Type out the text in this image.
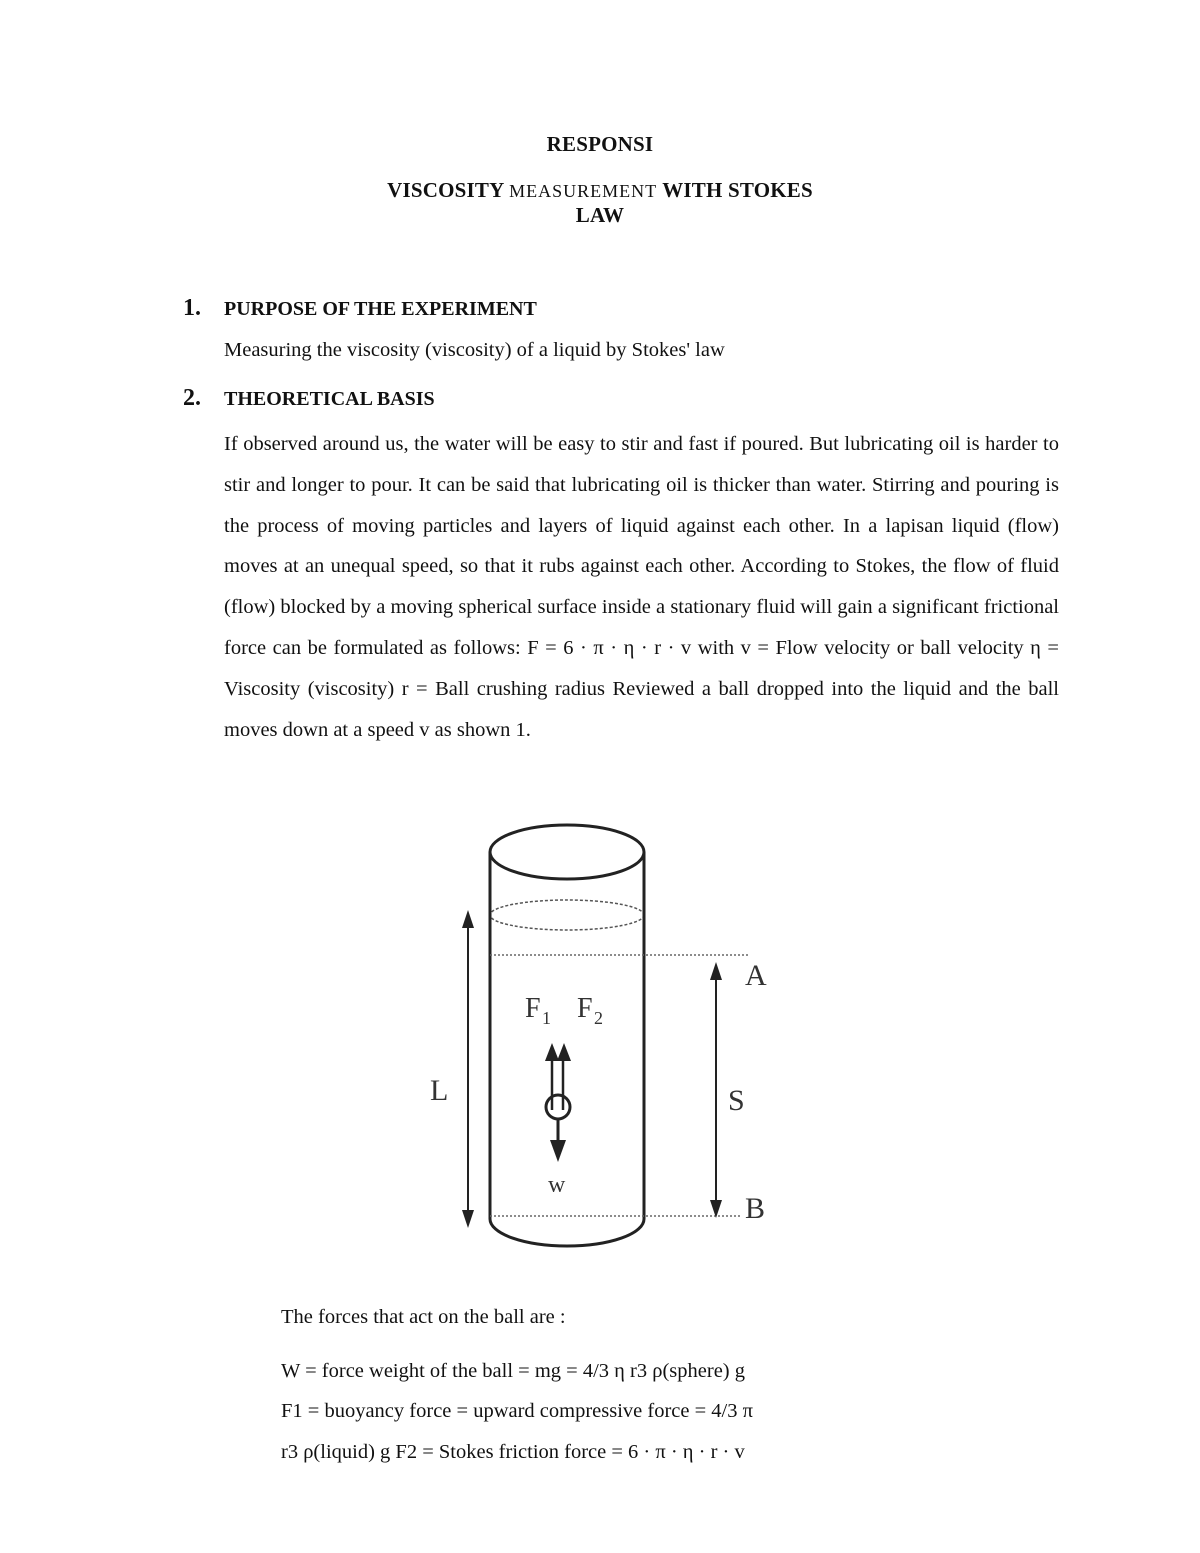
RESPONSI
VISCOSITY MEASUREMENT WITH STOKES
LAW
1. PURPOSE OF THE EXPERIMENT
Measuring the viscosity (viscosity) of a liquid by Stokes' law
2. THEORETICAL BASIS
If observed around us, the water will be easy to stir and fast if poured. But lubricating oil is harder to stir and longer to pour. It can be said that lubricating oil is thicker than water. Stirring and pouring is the process of moving particles and layers of liquid against each other. In a lapisan liquid (flow) moves at an unequal speed, so that it rubs against each other. According to Stokes, the flow of fluid (flow) blocked by a moving spherical surface inside a stationary fluid will gain a significant frictional force can be formulated as follows: F = 6 · π · η · r · v with v = Flow velocity or ball velocity η = Viscosity (viscosity) r = Ball crushing radius Reviewed a ball dropped into the liquid and the ball moves down at a speed v as shown 1.
L	S
A
B
F 1 F 2
w
The forces that act on the ball are :
W = force weight of the ball = mg = 4/3 η r3 ρ(sphere) g
F1 = buoyancy force = upward compressive force = 4/3 π
r3 ρ(liquid) g F2 = Stokes friction force = 6 · π · η · r · v
